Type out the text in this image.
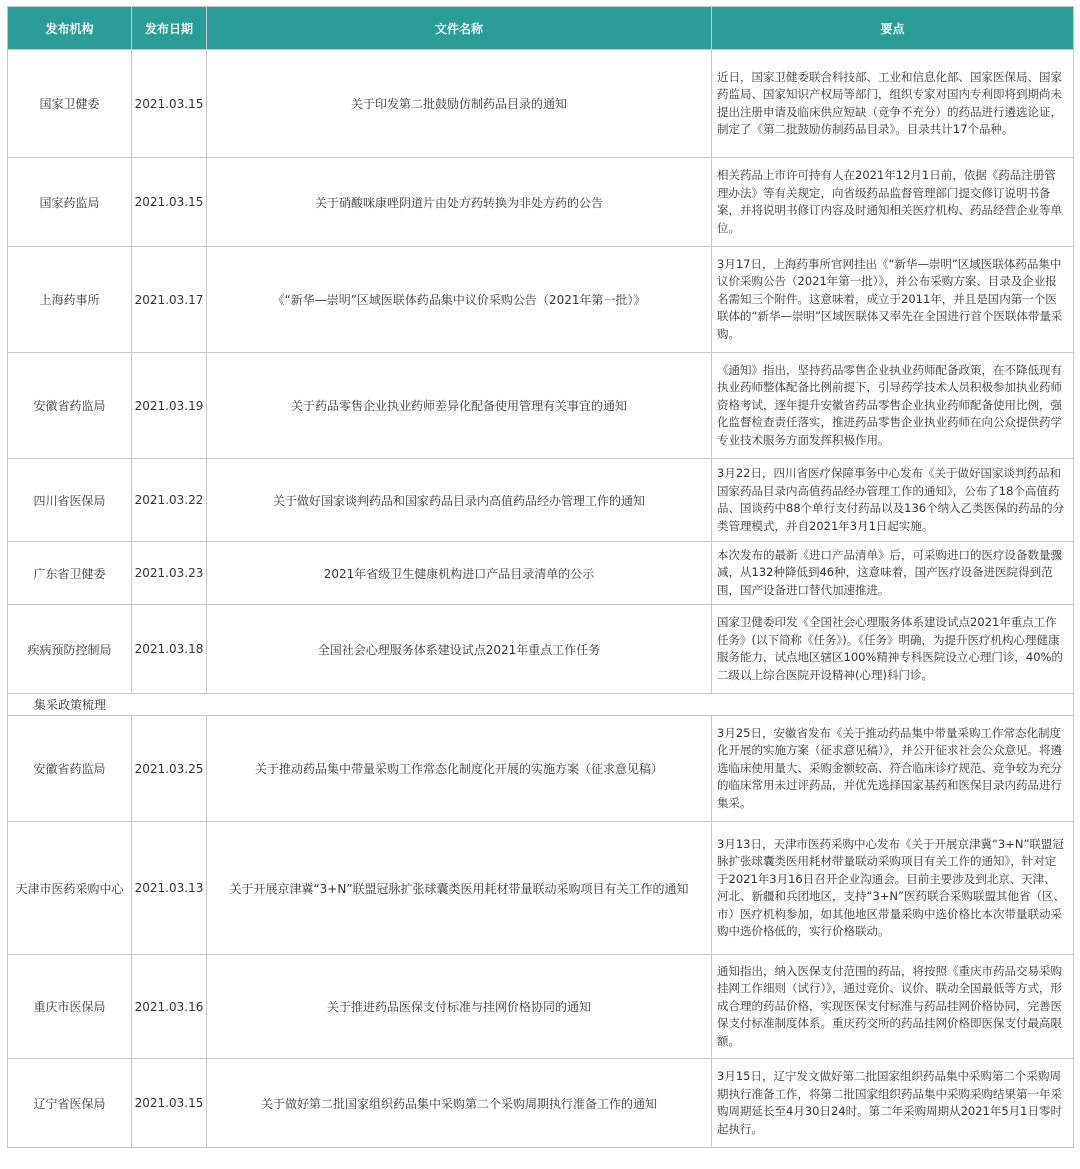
发布机构	发布日期	文件名称	要点
国家卫健委	2021.03.15	关于印发第二批鼓励仿制药品目录的通知	近日，国家卫健委联合科技部、工业和信息化部、国家医保局、国家药监局、国家知识产权局等部门，组织专家对国内专利即将到期尚未提出注册申请及临床供应短缺（竞争不充分）的药品进行遴选论证，制定了《第二批鼓励仿制药品目录》。目录共计17个品种。
国家药监局	2021.03.15	关于硝酸咪康唑阴道片由处方药转换为非处方药的公告	相关药品上市许可持有人在2021年12月1日前，依据《药品注册管理办法》等有关规定，向省级药品监督管理部门提交修订说明书备案，并将说明书修订内容及时通知相关医疗机构、药品经营企业等单位。
上海药事所	2021.03.17	《“新华—崇明”区域医联体药品集中议价采购公告（2021年第一批）》	3月17日，上海药事所官网挂出《“新华—崇明”区域医联体药品集中议价采购公告（2021年第一批）》，并公布采购方案、目录及企业报名需知三个附件。这意味着，成立于2011年，并且是国内第一个医联体的“新华—崇明”区域医联体又率先在全国进行首个医联体带量采购。
安徽省药监局	2021.03.19	关于药品零售企业执业药师差异化配备使用管理有关事宜的通知	《通知》指出，坚持药品零售企业执业药师配备政策，在不降低现有执业药师整体配备比例前提下，引导药学技术人员积极参加执业药师资格考试，逐年提升安徽省药品零售企业执业药师配备使用比例，强化监督检查责任落实，推进药品零售企业执业药师在向公众提供药学专业技术服务方面发挥积极作用。
四川省医保局	2021.03.22	关于做好国家谈判药品和国家药品目录内高值药品经办管理工作的通知	3月22日，四川省医疗保障事务中心发布《关于做好国家谈判药品和国家药品目录内高值药品经办管理工作的通知》，公布了18个高值药品、国谈药中88个单行支付药品以及136个纳入乙类医保的药品的分类管理模式，并自2021年3月1日起实施。
广东省卫健委	2021.03.23	2021年省级卫生健康机构进口产品目录清单的公示	本次发布的最新《进口产品清单》后，可采购进口的医疗设备数量骤减，从132种降低到46种，这意味着，国产医疗设备进医院得到范围，国产设备进口替代加速推进。
疾病预防控制局	2021.03.18	全国社会心理服务体系建设试点2021年重点工作任务	国家卫健委印发《全国社会心理服务体系建设试点2021年重点工作任务》(以下简称《任务》)。《任务》明确，为提升医疗机构心理健康服务能力，试点地区辖区100%精神专科医院设立心理门诊，40%的二级以上综合医院开设精神(心理)科门诊。
集采政策梳理			
安徽省药监局	2021.03.25	关于推动药品集中带量采购工作常态化制度化开展的实施方案（征求意见稿）	3月25日，安徽省发布《关于推动药品集中带量采购工作常态化制度化开展的实施方案（征求意见稿）》，并公开征求社会公众意见。将遴选临床使用量大、采购金额较高、符合临床诊疗规范、竞争较为充分的临床常用未过评药品，并优先选择国家基药和医保目录内药品进行集采。
天津市医药采购中心	2021.03.13	关于开展京津冀“3+N”联盟冠脉扩张球囊类医用耗材带量联动采购项目有关工作的通知	3月13日，天津市医药采购中心发布《关于开展京津冀“3+N”联盟冠脉扩张球囊类医用耗材带量联动采购项目有关工作的通知》，针对定于2021年3月16日召开企业沟通会。目前主要涉及到北京、天津、河北、新疆和兵团地区，支持“3+N”医药联合采购联盟其他省（区、市）医疗机构参加，如其他地区带量采购中选价格比本次带量联动采购中选价格低的，实行价格联动。
重庆市医保局	2021.03.16	关于推进药品医保支付标准与挂网价格协同的通知	通知指出，纳入医保支付范围的药品，将按照《重庆市药品交易采购挂网工作细则（试行）》，通过竞价、议价、联动全国最低等方式，形成合理的药品价格，实现医保支付标准与药品挂网价格协同，完善医保支付标准制度体系。重庆药交所的药品挂网价格即医保支付最高限额。
辽宁省医保局	2021.03.15	关于做好第二批国家组织药品集中采购第二个采购周期执行准备工作的通知	3月15日，辽宁发文做好第二批国家组织药品集中采购第二个采购周期执行准备工作，将第二批国家组织药品集中采购采购结果第一年采购周期延长至4月30日24时。第二年采购周期从2021年5月1日零时起执行。
